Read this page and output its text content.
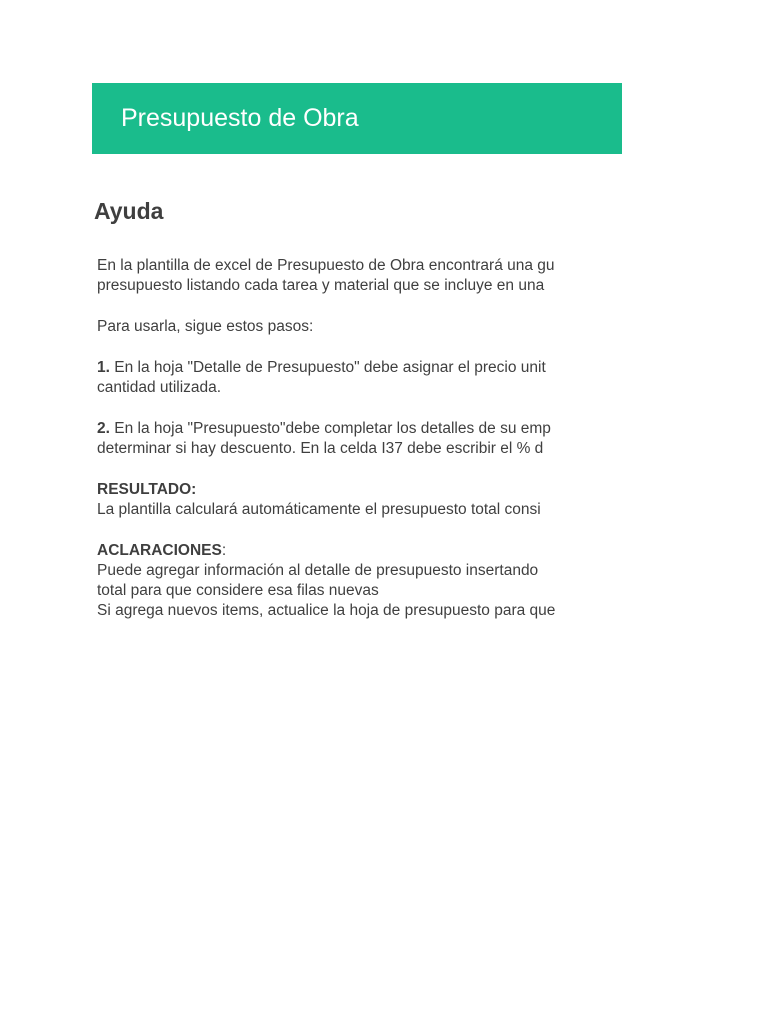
Presupuesto de Obra
Ayuda
En la plantilla de excel de Presupuesto de Obra encontrará una gu
presupuesto listando cada tarea y material que se incluye en una
Para usarla, sigue estos pasos:
1. En la hoja "Detalle de Presupuesto" debe asignar el precio unit
cantidad utilizada.
2. En la hoja "Presupuesto"debe completar los detalles de su emp
determinar si hay descuento. En la celda I37 debe escribir el % d
RESULTADO:
La plantilla calculará automáticamente el presupuesto total consi
ACLARACIONES:
Puede agregar información al detalle de presupuesto insertando
total para que considere esa filas nuevas
Si agrega nuevos items, actualice la hoja de presupuesto para que
